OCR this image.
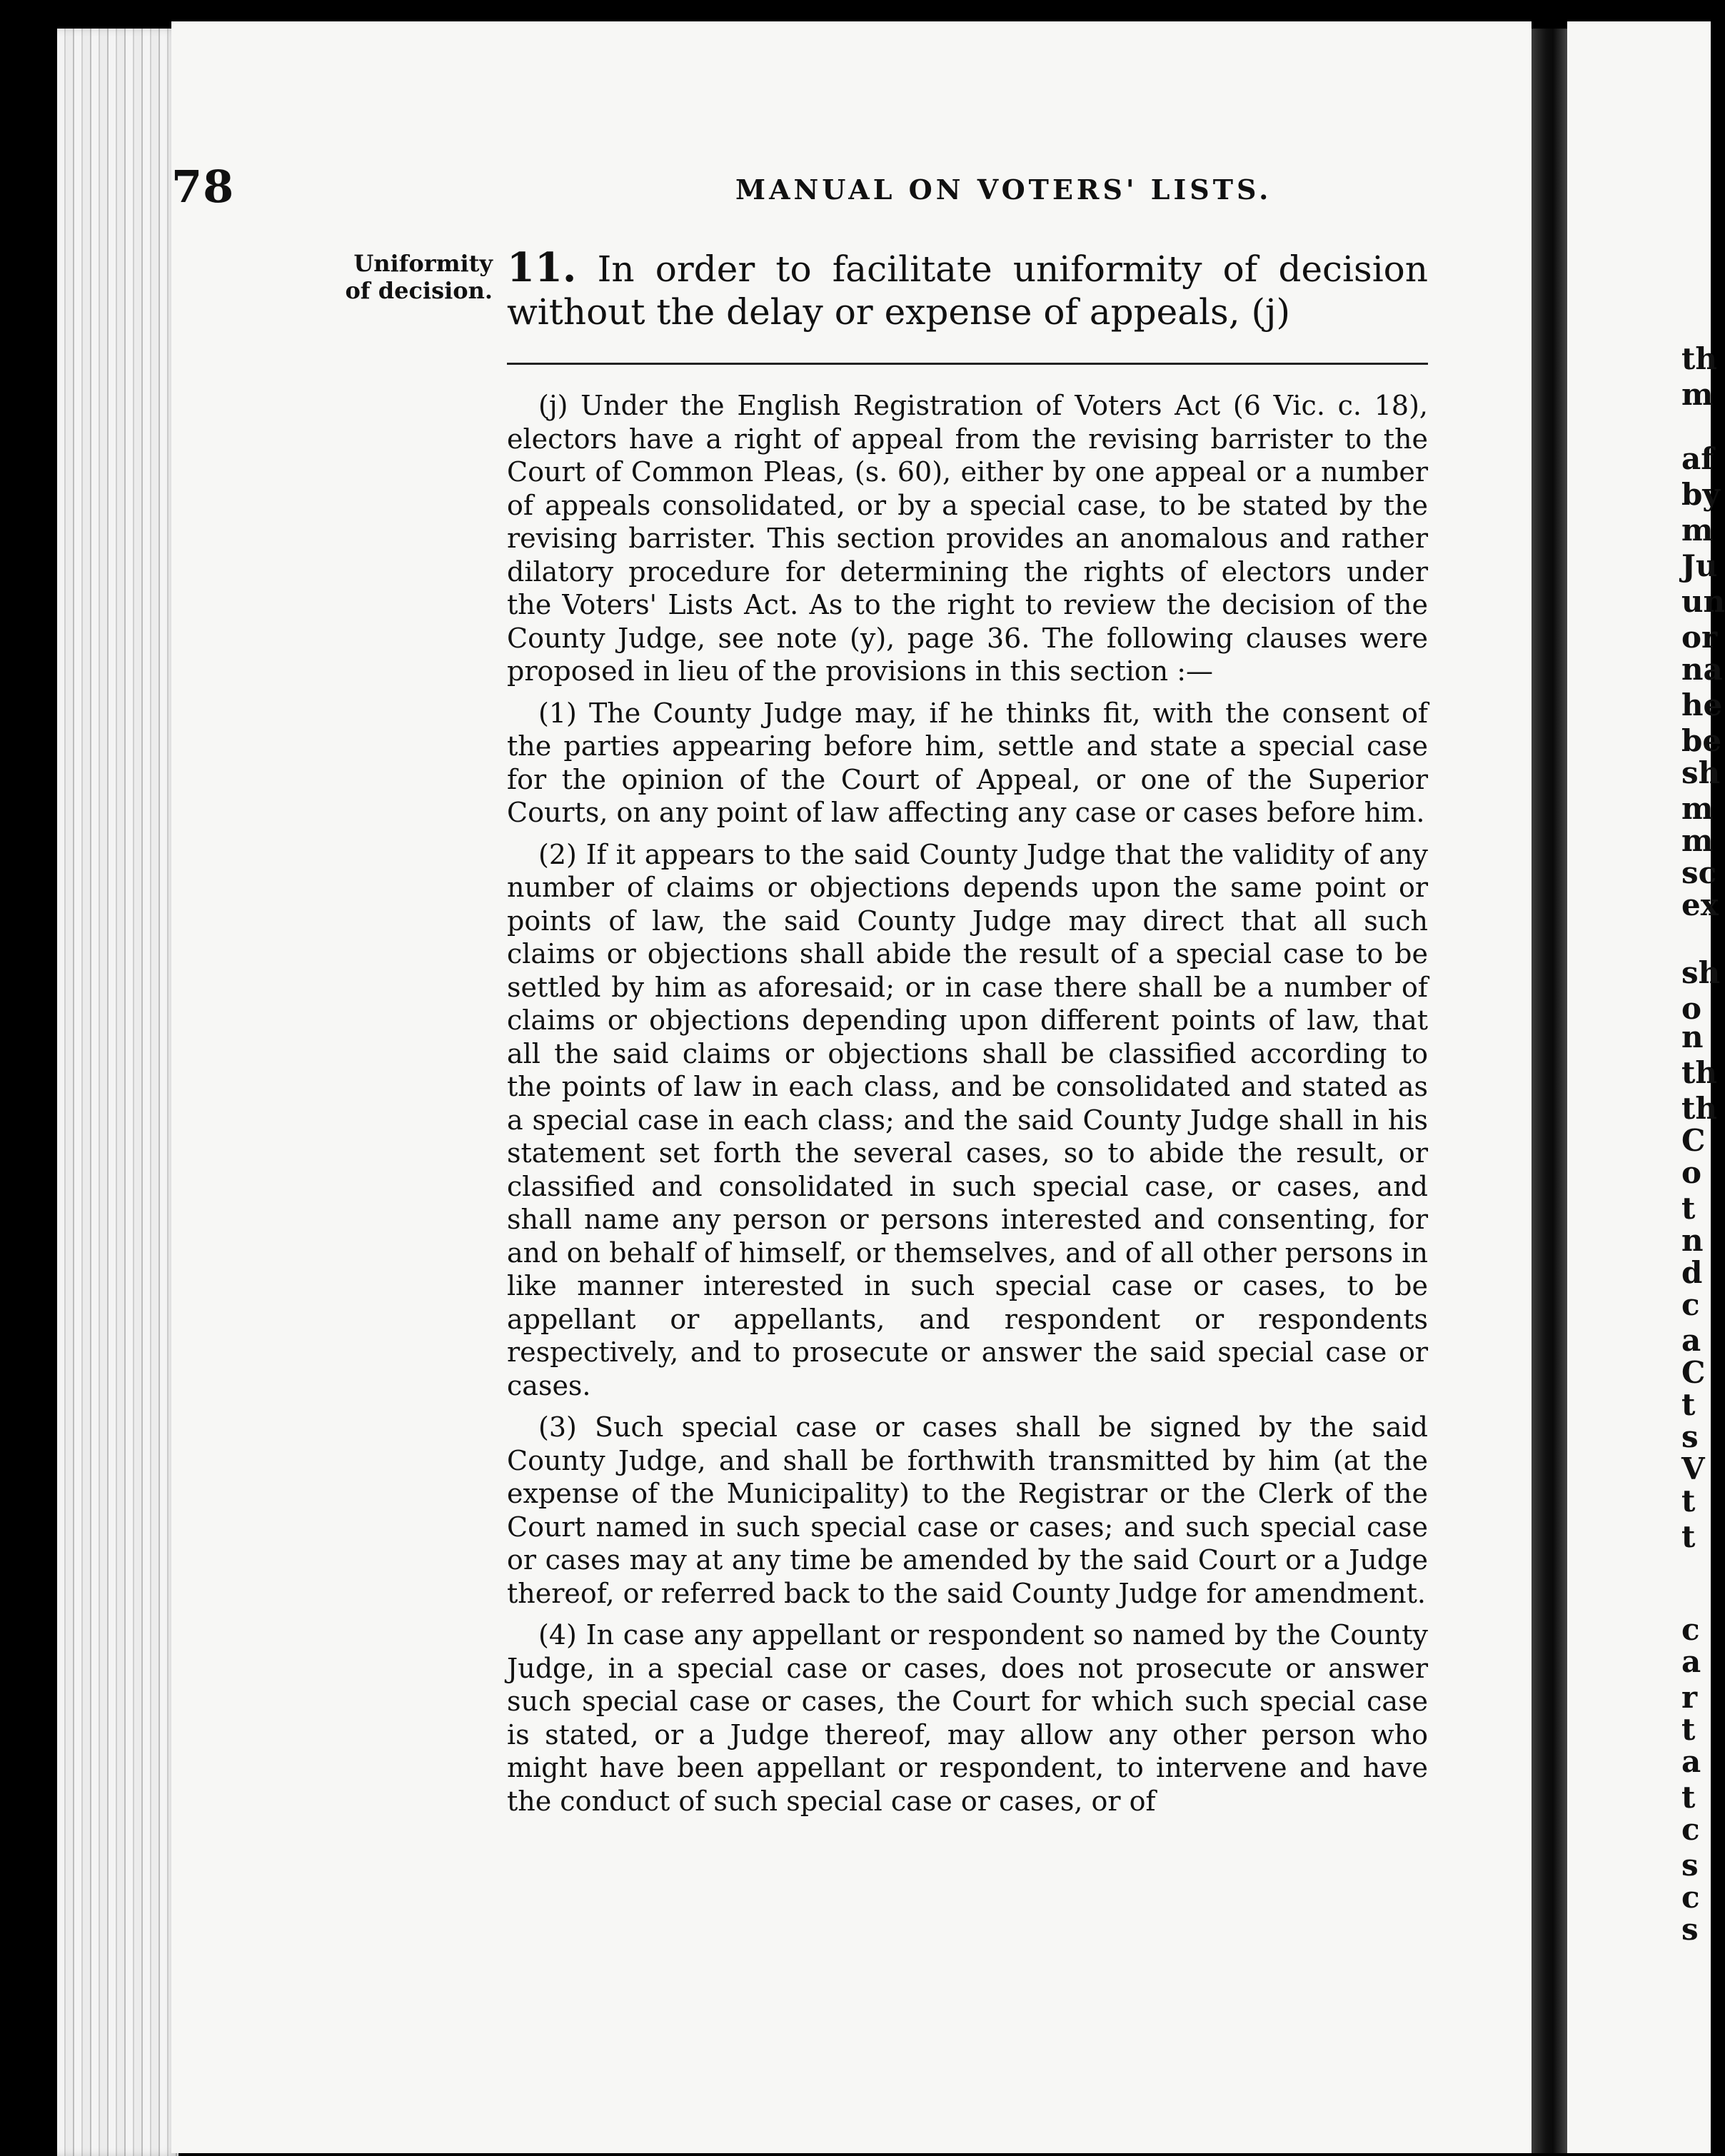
th
m
af
by
m
Ju
un
or
na
he
be
sh
m
m
sc
ex
sh
o
n
th
th
C
o
t
n
d
c
a
C
t
s
V
t
t
c
a
r
t
a
t
c
s
c
s
78	MANUAL ON VOTERS' LISTS.
Uniformity
of decision. 11. In order to facilitate uniformity of decision without the delay or expense of appeals, (j)

(j) Under the English Registration of Voters Act (6 Vic. c. 18), electors have a right of appeal from the revising barrister to the Court of Common Pleas, (s. 60), either by one appeal or a number of appeals consolidated, or by a special case, to be stated by the revising barrister. This section provides an anomalous and rather dilatory procedure for determining the rights of electors under the Voters' Lists Act. As to the right to review the decision of the County Judge, see note (y), page 36. The following clauses were proposed in lieu of the provisions in this section :—

(1) The County Judge may, if he thinks fit, with the consent of the parties appearing before him, settle and state a special case for the opinion of the Court of Appeal, or one of the Superior Courts, on any point of law affecting any case or cases before him.

(2) If it appears to the said County Judge that the validity of any number of claims or objections depends upon the same point or points of law, the said County Judge may direct that all such claims or objections shall abide the result of a special case to be settled by him as aforesaid; or in case there shall be a number of claims or objections depending upon different points of law, that all the said claims or objections shall be classified according to the points of law in each class, and be consolidated and stated as a special case in each class; and the said County Judge shall in his statement set forth the several cases, so to abide the result, or classified and consolidated in such special case, or cases, and shall name any person or persons interested and consenting, for and on behalf of himself, or themselves, and of all other persons in like manner interested in such special case or cases, to be appellant or appellants, and respondent or respondents respectively, and to prosecute or answer the said special case or cases.

(3) Such special case or cases shall be signed by the said County Judge, and shall be forthwith transmitted by him (at the expense of the Municipality) to the Registrar or the Clerk of the Court named in such special case or cases; and such special case or cases may at any time be amended by the said Court or a Judge thereof, or referred back to the said County Judge for amendment.

(4) In case any appellant or respondent so named by the County Judge, in a special case or cases, does not prosecute or answer such special case or cases, the Court for which such special case is stated, or a Judge thereof, may allow any other person who might have been appellant or respondent, to intervene and have the conduct of such special case or cases, or of
